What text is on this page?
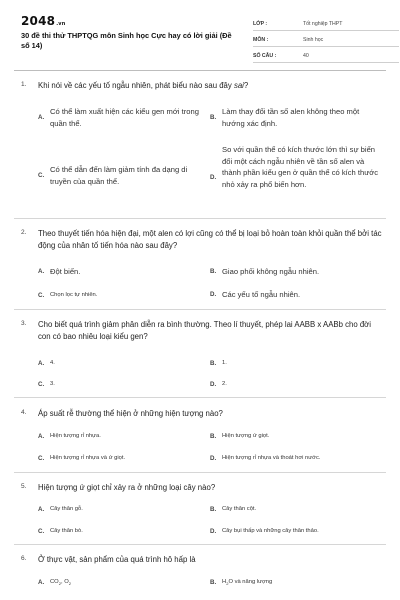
2048.vn
30 đề thi thử THPTQG môn Sinh học Cực hay có lời giải (Đề số 14)
LỚP :	Tốt nghiệp THPT
MÔN :	Sinh học
SỐ CÂU :	40
1. Khi nói về các yếu tố ngẫu nhiên, phát biểu nào sau đây sai?
A.
Có thể làm xuất hiện các kiểu gen mới trong quần thể.
B.
Làm thay đổi tần số alen không theo một hướng xác định.
C.
Có thể dẫn đến làm giảm tính đa dạng di truyền của quần thể.	D.
So với quần thể có kích thước lớn thì sự biến đổi một cách ngẫu nhiên về tần số alen và thành phần kiểu gen ở quần thể có kích thước nhỏ xảy ra phổ biến hơn.
2. Theo thuyết tiến hóa hiện đại, một alen có lợi cũng có thể bị loại bỏ hoàn toàn khỏi quần thể bởi tác động của nhân tố tiến hóa nào sau đây?
A. Đột biến.	B. Giao phối không ngẫu nhiên.
C. Chọn lọc tự nhiên.	D. Các yếu tố ngẫu nhiên.
3. Cho biết quá trình giảm phân diễn ra bình thường. Theo lí thuyết, phép lai AABB x AABb cho đời con có bao nhiêu loại kiểu gen?
A. 4.	B. 1.
C. 3.	D. 2.
4. Áp suất rễ thường thể hiện ở những hiện tượng nào?
A. Hiện tượng rỉ nhựa.	B. Hiện tượng ứ giọt.
C. Hiện tượng rỉ nhựa và ứ giọt.	D. Hiện tượng rỉ nhựa và thoát hơi nước.
5. Hiện tượng ứ giọt chỉ xảy ra ở những loại cây nào?
A. Cây thân gỗ.	B. Cây thân cột.
C. Cây thân bò.	D. Cây bụi thấp và những cây thân thảo.
6. Ở thực vật, sản phẩm của quá trình hô hấp là
A. $CO_2$, $O_2$	B. $H_2O$ và năng lượng
